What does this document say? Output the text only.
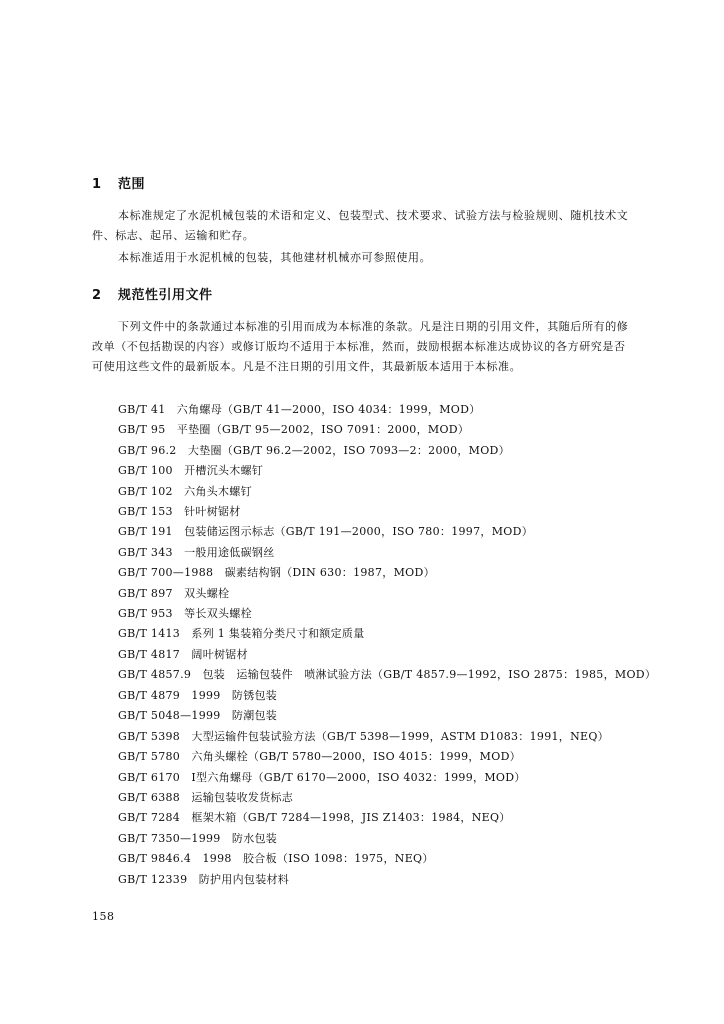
1 范围
本标准规定了水泥机械包装的术语和定义、包装型式、技术要求、试验方法与检验规则、随机技术文件、标志、起吊、运输和贮存。
本标准适用于水泥机械的包装，其他建材机械亦可参照使用。
2 规范性引用文件
下列文件中的条款通过本标准的引用而成为本标准的条款。凡是注日期的引用文件，其随后所有的修改单（不包括勘误的内容）或修订版均不适用于本标准，然而，鼓励根据本标准达成协议的各方研究是否可使用这些文件的最新版本。凡是不注日期的引用文件，其最新版本适用于本标准。
GB/T 41　六角螺母（GB/T 41—2000，ISO 4034：1999，MOD）
GB/T 95　平垫圈（GB/T 95—2002，ISO 7091：2000，MOD）
GB/T 96.2　大垫圈（GB/T 96.2—2002，ISO 7093—2：2000，MOD）
GB/T 100　开槽沉头木螺钉
GB/T 102　六角头木螺钉
GB/T 153　针叶树锯材
GB/T 191　包装储运图示标志（GB/T 191—2000，ISO 780：1997，MOD）
GB/T 343　一般用途低碳钢丝
GB/T 700—1988　碳素结构钢（DIN 630：1987，MOD）
GB/T 897　双头螺栓
GB/T 953　等长双头螺栓
GB/T 1413　系列 1 集装箱分类尺寸和额定质量
GB/T 4817　阔叶树锯材
GB/T 4857.9　包装　运输包装件　喷淋试验方法（GB/T 4857.9—1992，ISO 2875：1985，MOD）
GB/T 4879　1999　防锈包装
GB/T 5048—1999　防潮包装
GB/T 5398　大型运输件包装试验方法（GB/T 5398—1999，ASTM D1083：1991，NEQ）
GB/T 5780　六角头螺栓（GB/T 5780—2000，ISO 4015：1999，MOD）
GB/T 6170　Ⅰ型六角螺母（GB/T 6170—2000，ISO 4032：1999，MOD）
GB/T 6388　运输包装收发货标志
GB/T 7284　框架木箱（GB/T 7284—1998，JIS Z1403：1984，NEQ）
GB/T 7350—1999　防水包装
GB/T 9846.4　1998　胶合板（ISO 1098：1975，NEQ）
GB/T 12339　防护用内包装材料
158
